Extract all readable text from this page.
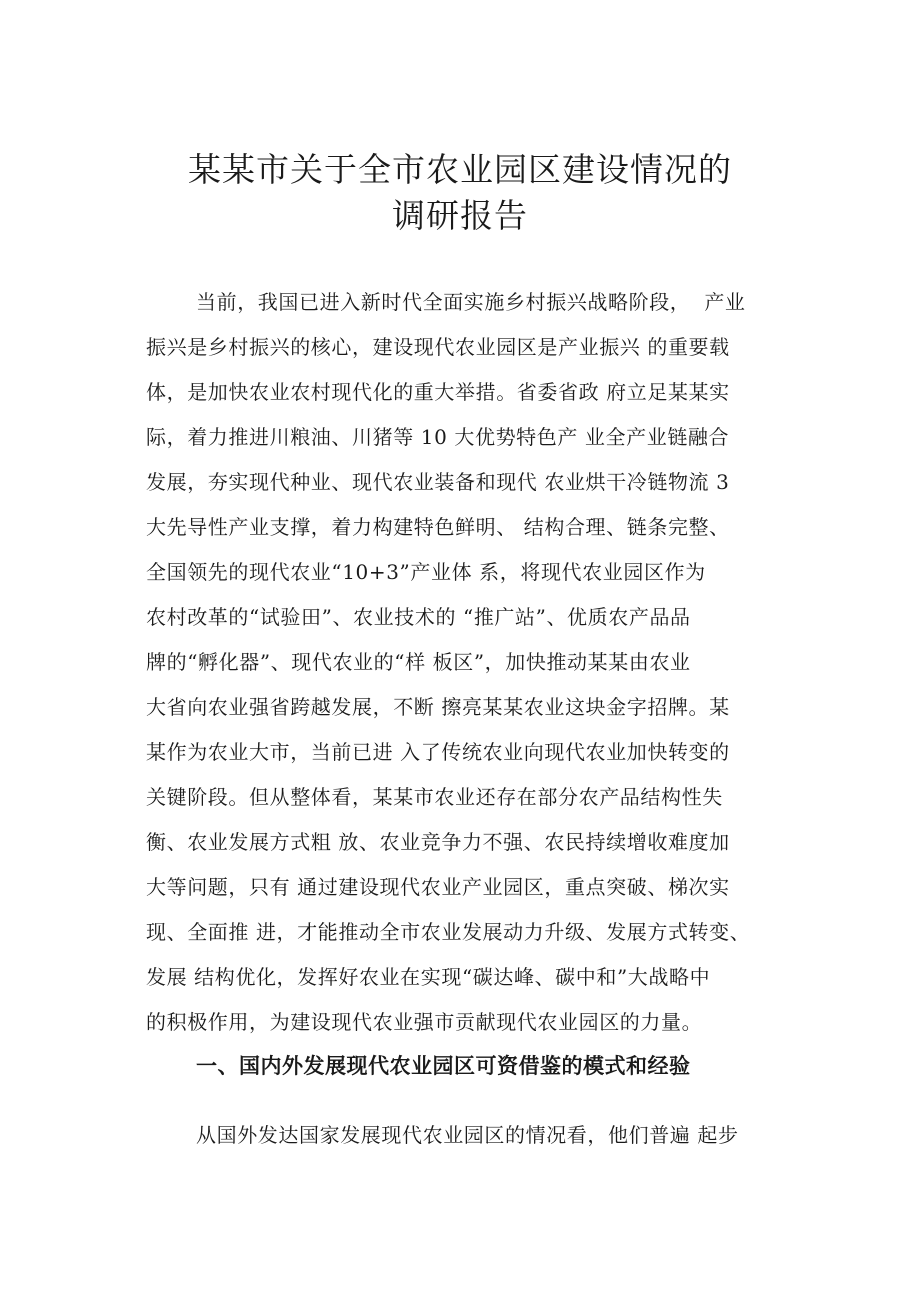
某某市关于全市农业园区建设情况的
调研报告
当前，我国已进入新时代全面实施乡村振兴战略阶段，  产业
振兴是乡村振兴的核心，建设现代农业园区是产业振兴 的重要载
体，是加快农业农村现代化的重大举措。省委省政 府立足某某实
际，着力推进川粮油、川猪等 10 大优势特色产 业全产业链融合
发展，夯实现代种业、现代农业装备和现代 农业烘干冷链物流 3
大先导性产业支撑，着力构建特色鲜明、 结构合理、链条完整、
全国领先的现代农业“10+3”产业体 系，将现代农业园区作为
农村改革的“试验田”、农业技术的 “推广站”、优质农产品品
牌的“孵化器”、现代农业的“样 板区”，加快推动某某由农业
大省向农业强省跨越发展，不断 擦亮某某农业这块金字招牌。某
某作为农业大市，当前已进 入了传统农业向现代农业加快转变的
关键阶段。但从整体看，某某市农业还存在部分农产品结构性失
衡、农业发展方式粗 放、农业竞争力不强、农民持续增收难度加
大等问题，只有 通过建设现代农业产业园区，重点突破、梯次实
现、全面推 进，才能推动全市农业发展动力升级、发展方式转变、
发展 结构优化，发挥好农业在实现“碳达峰、碳中和”大战略中
的积极作用，为建设现代农业强市贡献现代农业园区的力量。
一、国内外发展现代农业园区可资借鉴的模式和经验
从国外发达国家发展现代农业园区的情况看，他们普遍 起步
